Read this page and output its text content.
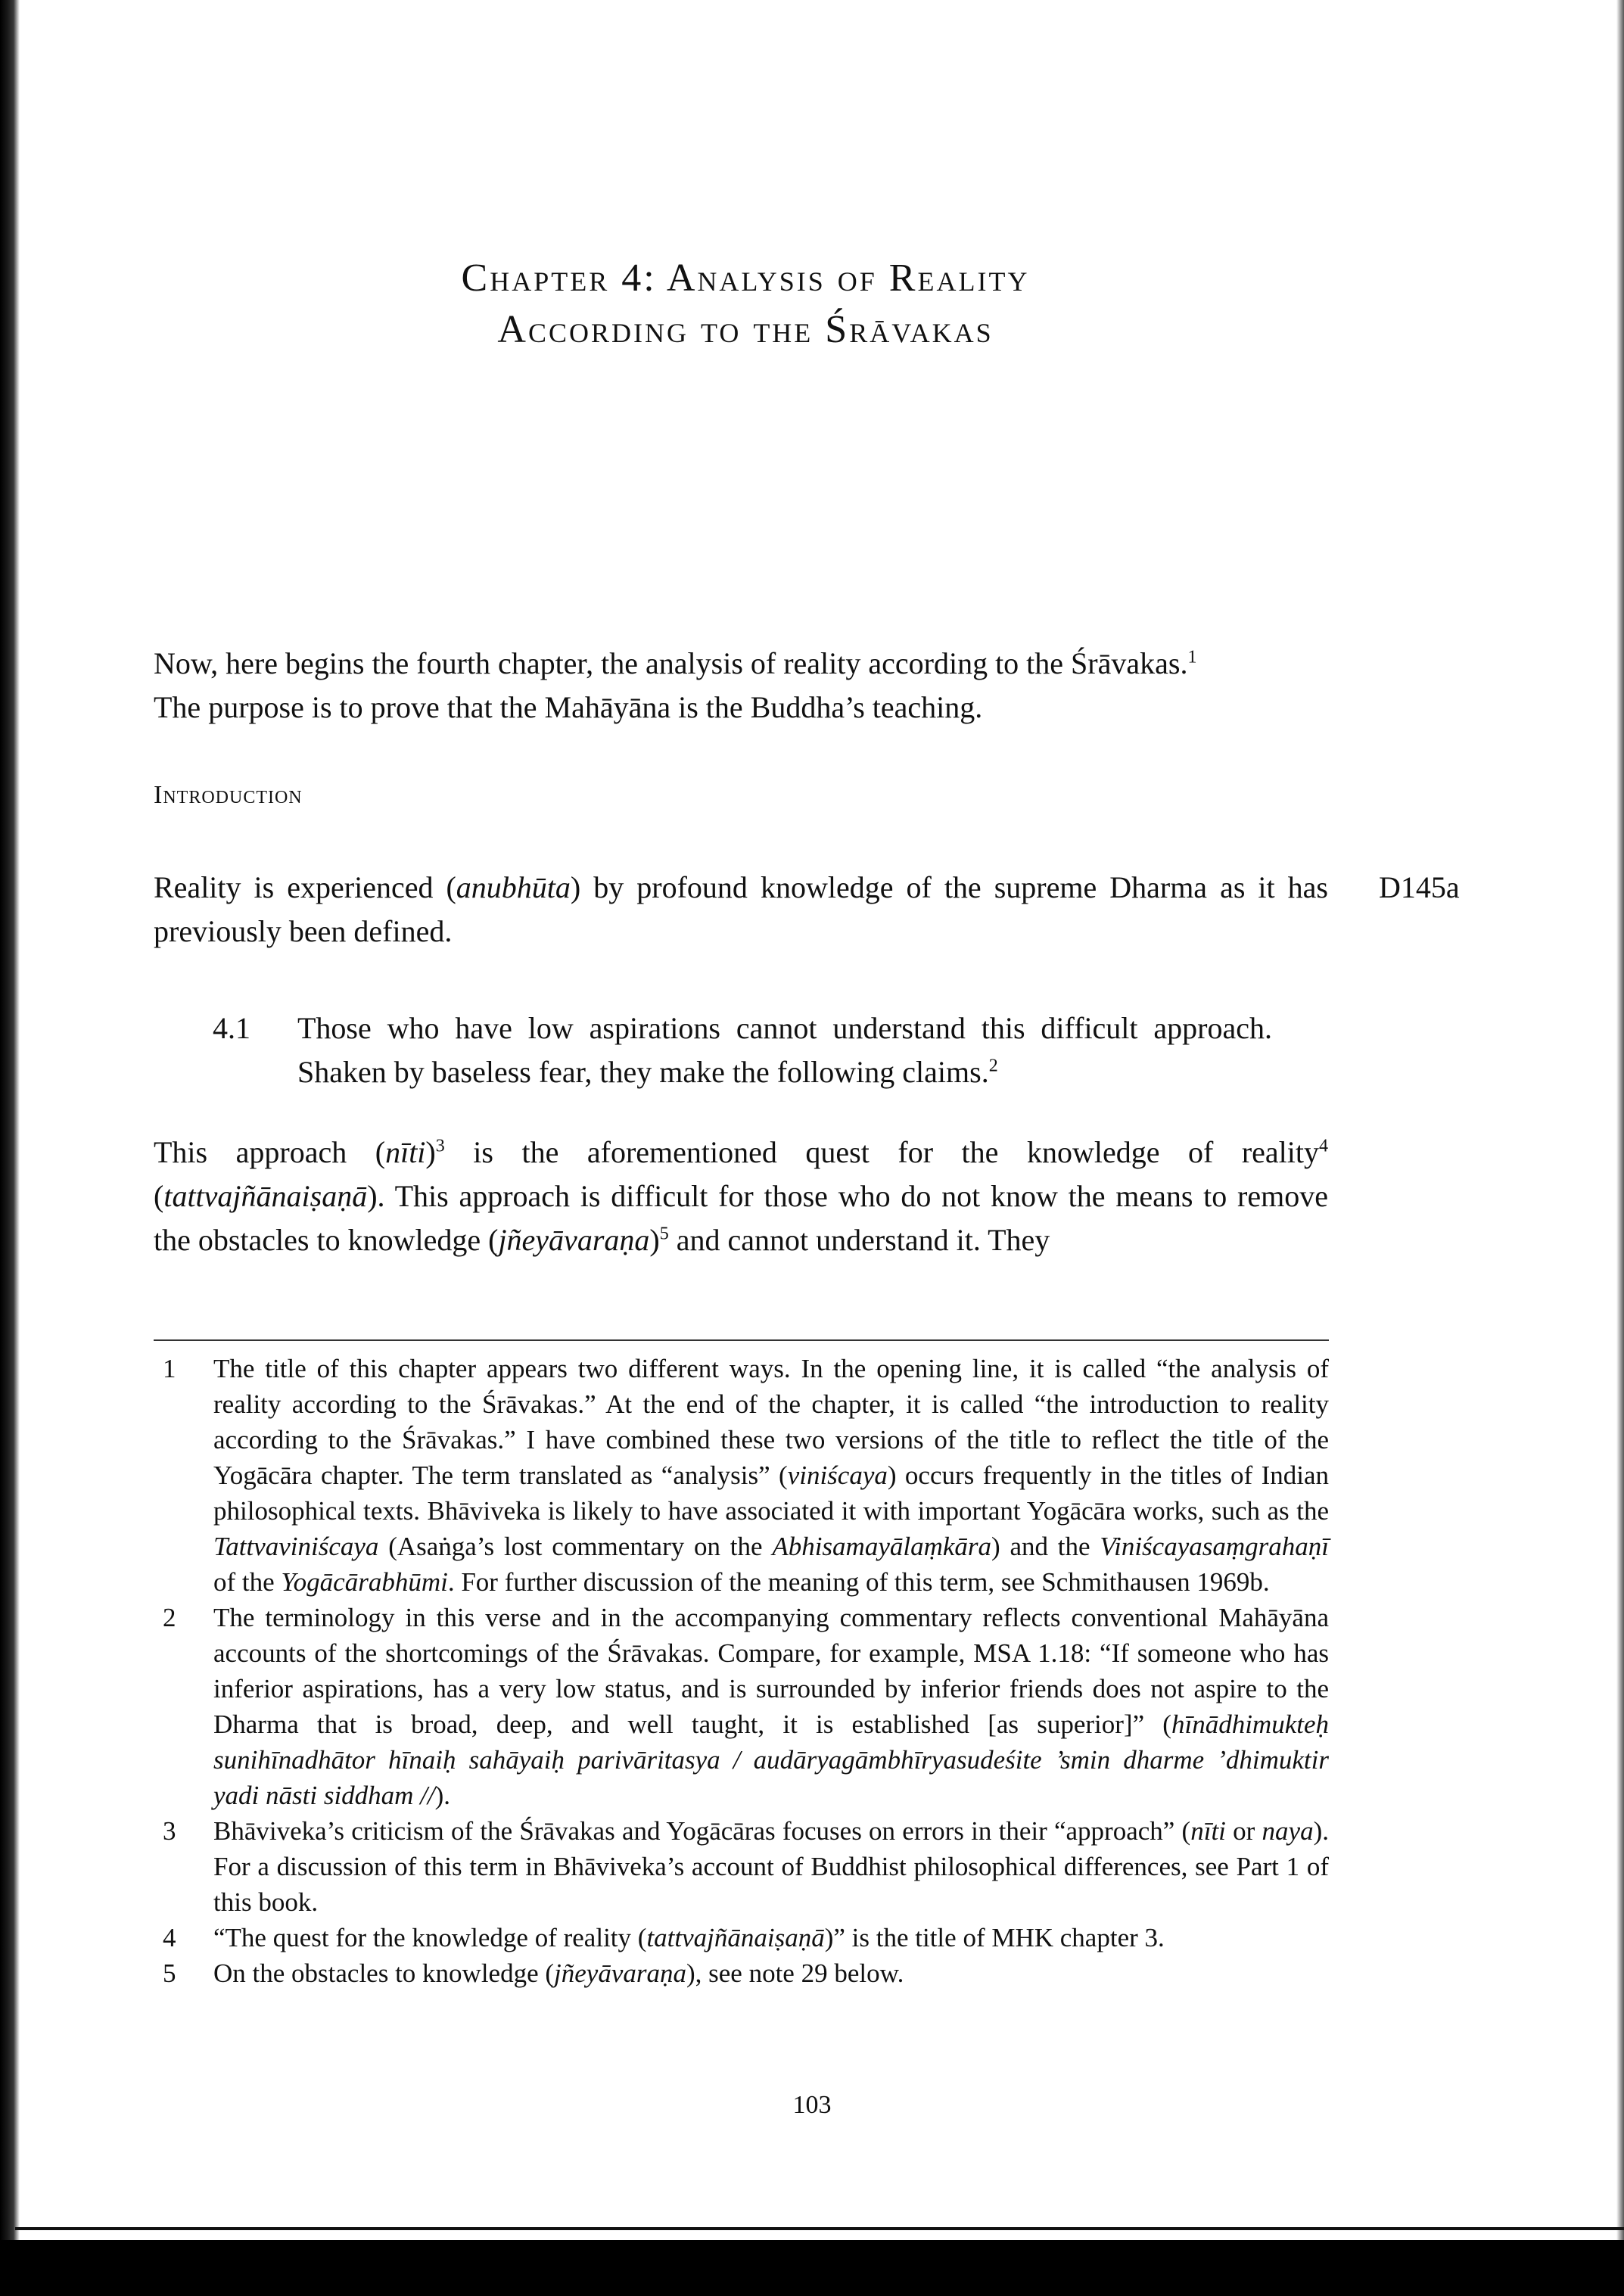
Chapter 4: Analysis of Reality
According to the Śrāvakas
Now, here begins the fourth chapter, the analysis of reality according to the Śrāvakas.$^1$
The purpose is to prove that the Mahāyāna is the Buddha’s teaching.
Introduction

Reality is experienced (anubhūta) by profound knowledge of the supreme Dharma as it has previously been defined.

D145a
4.1 Those who have low aspirations cannot understand this difficult approach. Shaken by baseless fear, they make the following claims.$^2$

This approach (nīti)$^3$ is the aforementioned quest for the knowledge of reality$^4$ (tattvajñānaiṣaṇā). This approach is difficult for those who do not know the means to remove the obstacles to knowledge (jñeyāvaraṇa)$^5$ and cannot understand it. They

1 The title of this chapter appears two different ways. In the opening line, it is called “the analysis of reality according to the Śrāvakas.” At the end of the chapter, it is called “the introduction to reality according to the Śrāvakas.” I have combined these two versions of the title to reflect the title of the Yogācāra chapter. The term translated as “analysis” (viniścaya) occurs frequently in the titles of Indian philosophical texts. Bhāviveka is likely to have associated it with important Yogācāra works, such as the Tattvaviniścaya (Asaṅga’s lost commentary on the Abhisamayālaṃkāra) and the Viniścayasaṃgrahaṇī of the Yogācārabhūmi. For further discussion of the meaning of this term, see Schmithausen 1969b.
2 The terminology in this verse and in the accompanying commentary reflects conventional Mahāyāna accounts of the shortcomings of the Śrāvakas. Compare, for example, MSA 1.18: “If someone who has inferior aspirations, has a very low status, and is surrounded by inferior friends does not aspire to the Dharma that is broad, deep, and well taught, it is established [as superior]” (hīnādhimukteḥ sunihīnadhātor hīnaiḥ sahāyaiḥ parivāritasya / audāryagāmbhīryasudeśite ’smin dharme ’dhimuktir yadi nāsti siddham //).
3 Bhāviveka’s criticism of the Śrāvakas and Yogācāras focuses on errors in their “approach” (nīti or naya). For a discussion of this term in Bhāviveka’s account of Buddhist philosophical differences, see Part 1 of this book.
4 “The quest for the knowledge of reality (tattvajñānaiṣaṇā)” is the title of MHK chapter 3.
5 On the obstacles to knowledge (jñeyāvaraṇa), see note 29 below.
103
